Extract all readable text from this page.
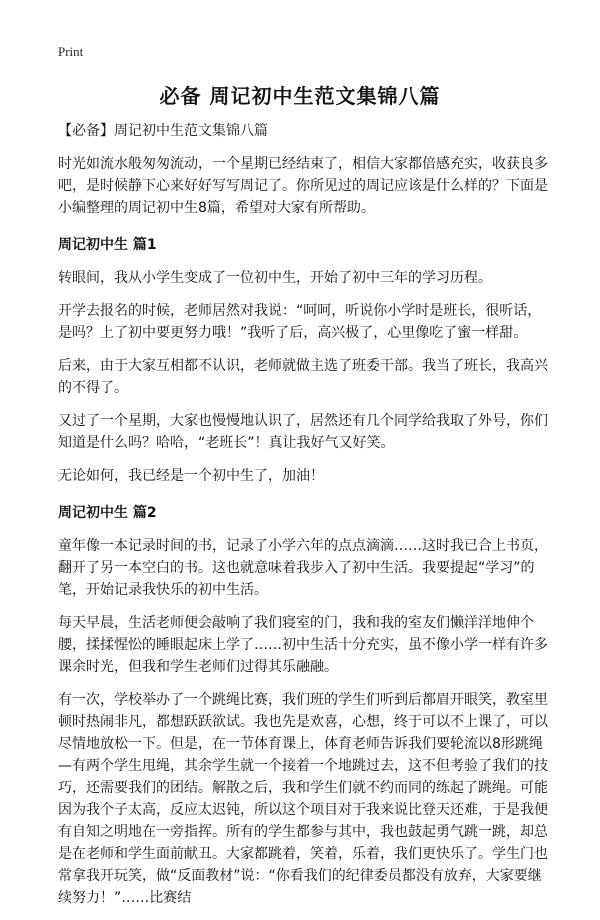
Print
必备 周记初中生范文集锦八篇

【必备】周记初中生范文集锦八篇

时光如流水般匆匆流动，一个星期已经结束了，相信大家都倍感充实，收获良多吧，是时候静下心来好好写写周记了。你所见过的周记应该是什么样的？下面是小编整理的周记初中生8篇，希望对大家有所帮助。

周记初中生 篇1

转眼间，我从小学生变成了一位初中生，开始了初中三年的学习历程。

开学去报名的时候，老师居然对我说：“呵呵，听说你小学时是班长，很听话，是吗？上了初中要更努力哦！”我听了后，高兴极了，心里像吃了蜜一样甜。

后来，由于大家互相都不认识，老师就做主选了班委干部。我当了班长，我高兴的不得了。

又过了一个星期，大家也慢慢地认识了，居然还有几个同学给我取了外号，你们知道是什么吗？哈哈，“老班长”！真让我好气又好笑。

无论如何，我已经是一个初中生了，加油！

周记初中生 篇2

童年像一本记录时间的书，记录了小学六年的点点滴滴……这时我已合上书页，翻开了另一本空白的书。这也就意味着我步入了初中生活。我要提起“学习”的笔，开始记录我快乐的初中生活。

每天早晨，生活老师便会敲响了我们寝室的门，我和我的室友们懒洋洋地伸个腰，揉揉惺忪的睡眼起床上学了……初中生活十分充实，虽不像小学一样有许多课余时光，但我和学生老师们过得其乐融融。

有一次，学校举办了一个跳绳比赛，我们班的学生们听到后都眉开眼笑，教室里顿时热闹非凡，都想跃跃欲试。我也先是欢喜，心想，终于可以不上课了，可以尽情地放松一下。但是，在一节体育课上，体育老师告诉我们要轮流以8形跳绳—有两个学生甩绳，其余学生就一个接着一个地跳过去，这不但考验了我们的技巧，还需要我们的团结。解散之后，我和学生们就不约而同的练起了跳绳。可能因为我个子太高，反应太迟钝，所以这个项目对于我来说比登天还难，于是我便有自知之明地在一旁指挥。所有的学生都参与其中，我也鼓起勇气跳一跳，却总是在老师和学生面前献丑。大家都跳着，笑着，乐着，我们更快乐了。学生门也常拿我开玩笑，做“反面教材”说：“你看我们的纪律委员都没有放弃，大家要继续努力！”……比赛结
